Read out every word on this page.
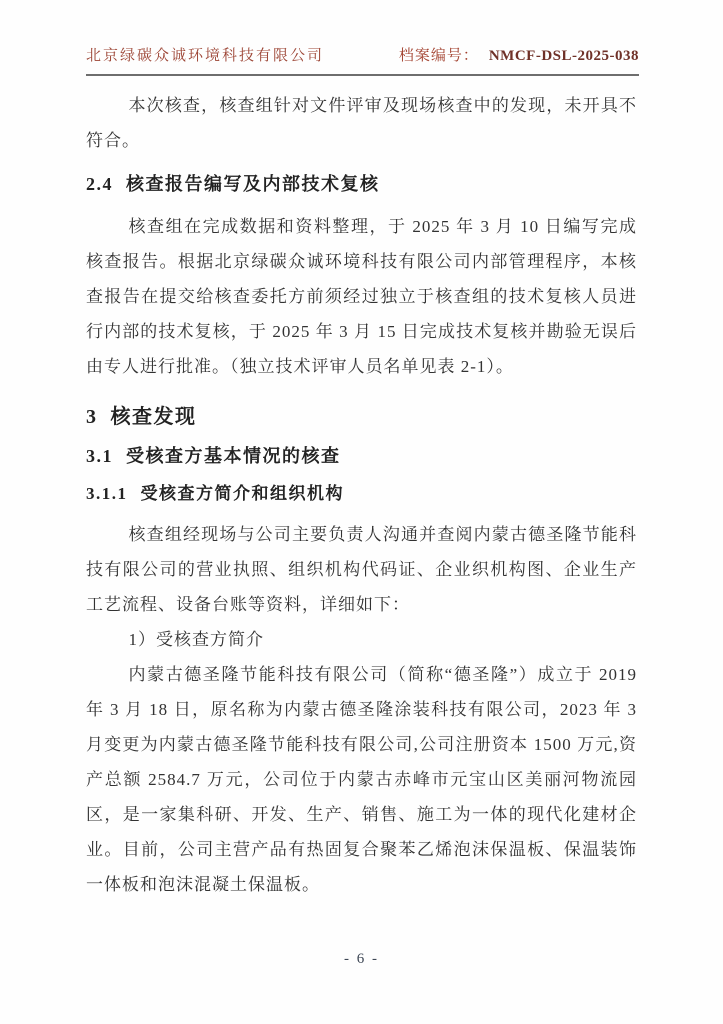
北京绿碳众诚环境科技有限公司	档案编号： NMCF-DSL-2025-038

本次核查，核查组针对文件评审及现场核查中的发现，未开具不符合。

2.4 核查报告编写及内部技术复核

核查组在完成数据和资料整理，于 2025 年 3 月 10 日编写完成核查报告。根据北京绿碳众诚环境科技有限公司内部管理程序，本核查报告在提交给核查委托方前须经过独立于核查组的技术复核人员进行内部的技术复核，于 2025 年 3 月 15 日完成技术复核并勘验无误后由专人进行批准。（独立技术评审人员名单见表 2-1）。

3 核查发现
3.1 受核查方基本情况的核查
3.1.1 受核查方简介和组织机构

核查组经现场与公司主要负责人沟通并查阅内蒙古德圣隆节能科技有限公司的营业执照、组织机构代码证、企业织机构图、企业生产工艺流程、设备台账等资料，详细如下：

1）受核查方简介

内蒙古德圣隆节能科技有限公司（简称“德圣隆”）成立于 2019 年 3 月 18 日，原名称为内蒙古德圣隆涂装科技有限公司，2023 年 3 月变更为内蒙古德圣隆节能科技有限公司,公司注册资本 1500 万元,资产总额 2584.7 万元，公司位于内蒙古赤峰市元宝山区美丽河物流园区，是一家集科研、开发、生产、销售、施工为一体的现代化建材企业。目前，公司主营产品有热固复合聚苯乙烯泡沫保温板、保温装饰一体板和泡沫混凝土保温板。

- 6 -
